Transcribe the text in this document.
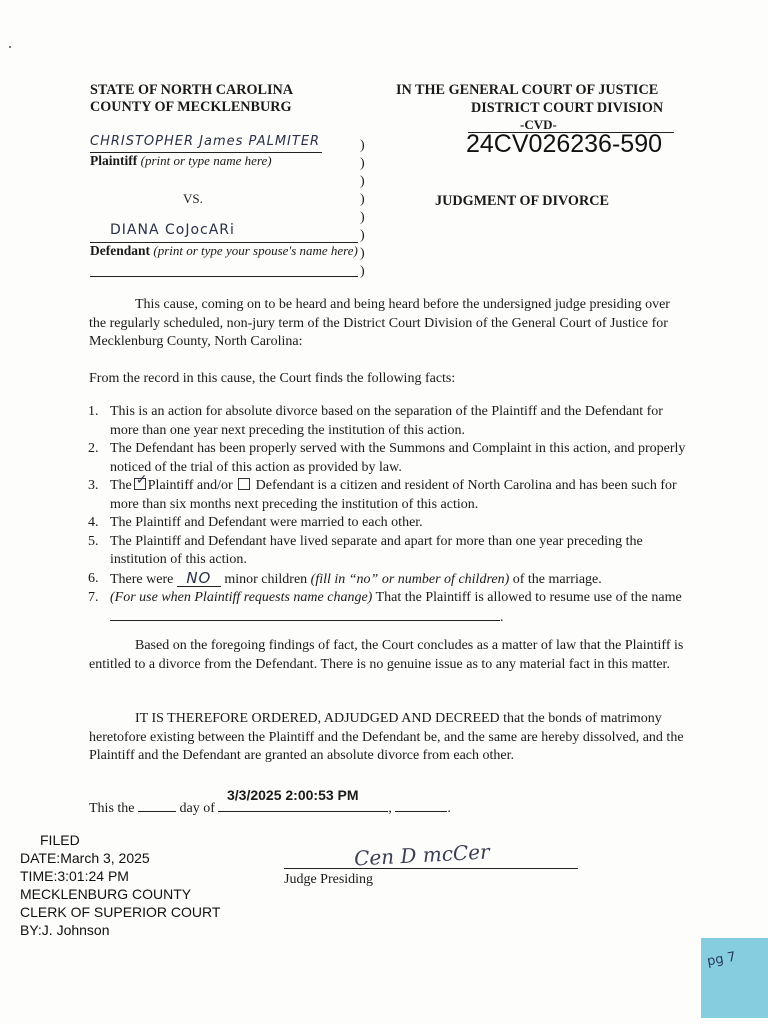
STATE OF NORTH CAROLINA
COUNTY OF MECKLENBURG
IN THE GENERAL COURT OF JUSTICE
DISTRICT COURT DIVISION
-CVD-
24CV026236-590
CHRISTOPHER James PALMITER
Plaintiff (print or type name here)
VS.
DIANA CoJocARi
Defendant (print or type your spouse's name here)
)
)
)
)
)
)
)
)
JUDGMENT OF DIVORCE
This cause, coming on to be heard and being heard before the undersigned judge presiding over the regularly scheduled, non-jury term of the District Court Division of the General Court of Justice for Mecklenburg County, North Carolina:
From the record in this cause, the Court finds the following facts:
1. This is an action for absolute divorce based on the separation of the Plaintiff and the Defendant for more than one year next preceding the institution of this action.
2. The Defendant has been properly served with the Summons and Complaint in this action, and properly noticed of the trial of this action as provided by law.
3. The✓ Plaintiff and/or Defendant is a citizen and resident of North Carolina and has been such for more than six months next preceding the institution of this action.
4. The Plaintiff and Defendant were married to each other.
5. The Plaintiff and Defendant have lived separate and apart for more than one year preceding the institution of this action.
6. There were NO minor children (fill in “no” or number of children) of the marriage.
7. (For use when Plaintiff requests name change) That the Plaintiff is allowed to resume use of the name .
Based on the foregoing findings of fact, the Court concludes as a matter of law that the Plaintiff is entitled to a divorce from the Defendant. There is no genuine issue as to any material fact in this matter.
IT IS THEREFORE ORDERED, ADJUDGED AND DECREED that the bonds of matrimony heretofore existing between the Plaintiff and the Defendant be, and the same are hereby dissolved, and the Plaintiff and the Defendant are granted an absolute divorce from each other.
3/3/2025 2:00:53 PM
This the	day of	,	.
Cen D mcCer
Judge Presiding
FILED
DATE:March 3, 2025
TIME:3:01:24 PM
MECKLENBURG COUNTY
CLERK OF SUPERIOR COURT
BY:J. Johnson
pg 7
